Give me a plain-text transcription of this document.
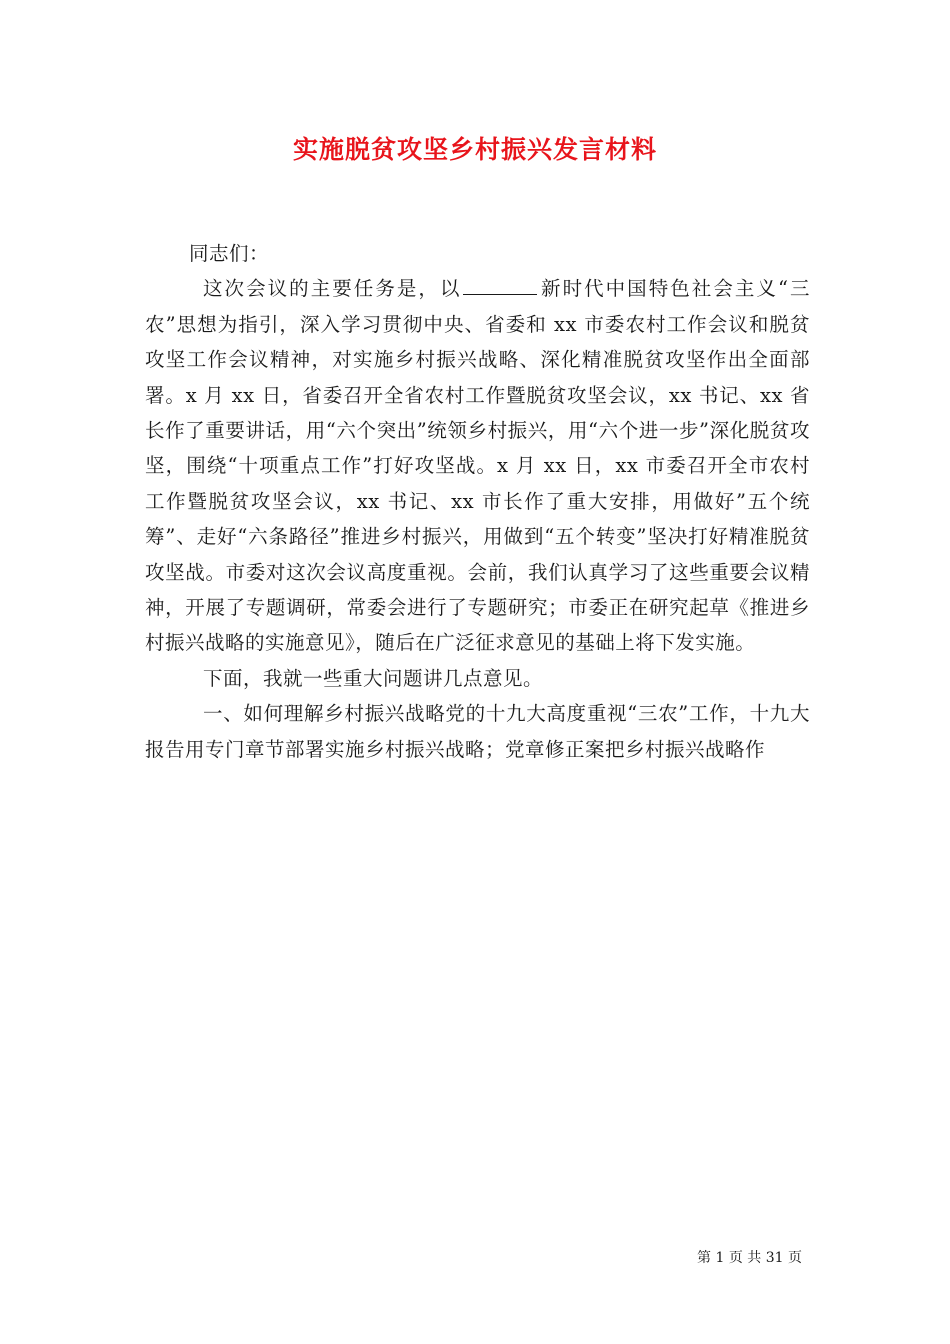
实施脱贫攻坚乡村振兴发言材料

同志们：

这次会议的主要任务是，以	新时代中国特色社会主义“三农”思想为指引，深入学习贯彻中央、省委和 xx 市委农村工作会议和脱贫攻坚工作会议精神，对实施乡村振兴战略、深化精准脱贫攻坚作出全面部署。x 月 xx 日，省委召开全省农村工作暨脱贫攻坚会议，xx 书记、xx 省长作了重要讲话，用“六个突出”统领乡村振兴，用“六个进一步”深化脱贫攻坚，围绕“十项重点工作”打好攻坚战。x 月 xx 日，xx 市委召开全市农村工作暨脱贫攻坚会议，xx 书记、xx 市长作了重大安排，用做好”五个统筹”、走好“六条路径”推进乡村振兴，用做到“五个转变”坚决打好精准脱贫攻坚战。市委对这次会议高度重视。会前，我们认真学习了这些重要会议精神，开展了专题调研，常委会进行了专题研究；市委正在研究起草《推进乡村振兴战略的实施意见》，随后在广泛征求意见的基础上将下发实施。

下面，我就一些重大问题讲几点意见。

一、如何理解乡村振兴战略党的十九大高度重视“三农”工作，十九大报告用专门章节部署实施乡村振兴战略；党章修正案把乡村振兴战略作

第 1 页 共 31 页
